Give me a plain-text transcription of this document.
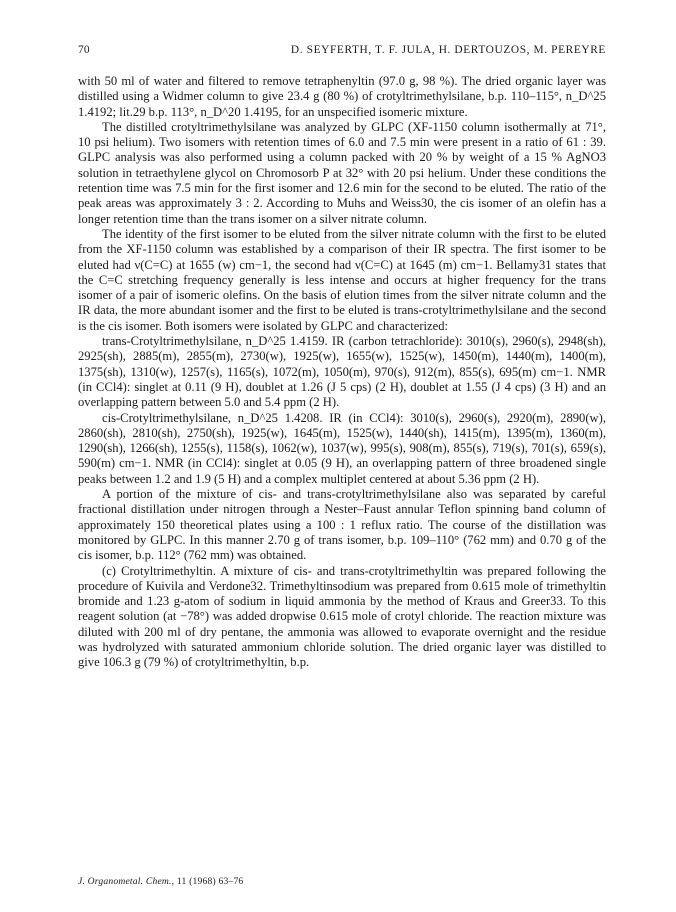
70	D. SEYFERTH, T. F. JULA, H. DERTOUZOS, M. PEREYRE

with 50 ml of water and filtered to remove tetraphenyltin (97.0 g, 98 %). The dried organic layer was distilled using a Widmer column to give 23.4 g (80 %) of crotyltrimethylsilane, b.p. 110–115°, n_D^25 1.4192; lit.29 b.p. 113°, n_D^20 1.4195, for an unspecified isomeric mixture.

The distilled crotyltrimethylsilane was analyzed by GLPC (XF-1150 column isothermally at 71°, 10 psi helium). Two isomers with retention times of 6.0 and 7.5 min were present in a ratio of 61 : 39. GLPC analysis was also performed using a column packed with 20 % by weight of a 15 % AgNO3 solution in tetraethylene glycol on Chromosorb P at 32° with 20 psi helium. Under these conditions the retention time was 7.5 min for the first isomer and 12.6 min for the second to be eluted. The ratio of the peak areas was approximately 3 : 2. According to Muhs and Weiss30, the cis isomer of an olefin has a longer retention time than the trans isomer on a silver nitrate column.

The identity of the first isomer to be eluted from the silver nitrate column with the first to be eluted from the XF-1150 column was established by a comparison of their IR spectra. The first isomer to be eluted had ν(C=C) at 1655 (w) cm−1, the second had ν(C=C) at 1645 (m) cm−1. Bellamy31 states that the C=C stretching frequency generally is less intense and occurs at higher frequency for the trans isomer of a pair of isomeric olefins. On the basis of elution times from the silver nitrate column and the IR data, the more abundant isomer and the first to be eluted is trans-crotyltrimethylsilane and the second is the cis isomer. Both isomers were isolated by GLPC and characterized:

trans-Crotyltrimethylsilane, n_D^25 1.4159. IR (carbon tetrachloride): 3010(s), 2960(s), 2948(sh), 2925(sh), 2885(m), 2855(m), 2730(w), 1925(w), 1655(w), 1525(w), 1450(m), 1440(m), 1400(m), 1375(sh), 1310(w), 1257(s), 1165(s), 1072(m), 1050(m), 970(s), 912(m), 855(s), 695(m) cm−1. NMR (in CCl4): singlet at 0.11 (9 H), doublet at 1.26 (J 5 cps) (2 H), doublet at 1.55 (J 4 cps) (3 H) and an overlapping pattern between 5.0 and 5.4 ppm (2 H).

cis-Crotyltrimethylsilane, n_D^25 1.4208. IR (in CCl4): 3010(s), 2960(s), 2920(m), 2890(w), 2860(sh), 2810(sh), 2750(sh), 1925(w), 1645(m), 1525(w), 1440(sh), 1415(m), 1395(m), 1360(m), 1290(sh), 1266(sh), 1255(s), 1158(s), 1062(w), 1037(w), 995(s), 908(m), 855(s), 719(s), 701(s), 659(s), 590(m) cm−1. NMR (in CCl4): singlet at 0.05 (9 H), an overlapping pattern of three broadened single peaks between 1.2 and 1.9 (5 H) and a complex multiplet centered at about 5.36 ppm (2 H).

A portion of the mixture of cis- and trans-crotyltrimethylsilane also was separated by careful fractional distillation under nitrogen through a Nester–Faust annular Teflon spinning band column of approximately 150 theoretical plates using a 100 : 1 reflux ratio. The course of the distillation was monitored by GLPC. In this manner 2.70 g of trans isomer, b.p. 109–110° (762 mm) and 0.70 g of the cis isomer, b.p. 112° (762 mm) was obtained.

(c) Crotyltrimethyltin. A mixture of cis- and trans-crotyltrimethyltin was prepared following the procedure of Kuivila and Verdone32. Trimethyltinsodium was prepared from 0.615 mole of trimethyltin bromide and 1.23 g-atom of sodium in liquid ammonia by the method of Kraus and Greer33. To this reagent solution (at −78°) was added dropwise 0.615 mole of crotyl chloride. The reaction mixture was diluted with 200 ml of dry pentane, the ammonia was allowed to evaporate overnight and the residue was hydrolyzed with saturated ammonium chloride solution. The dried organic layer was distilled to give 106.3 g (79 %) of crotyltrimethyltin, b.p.

J. Organometal. Chem., 11 (1968) 63–76
